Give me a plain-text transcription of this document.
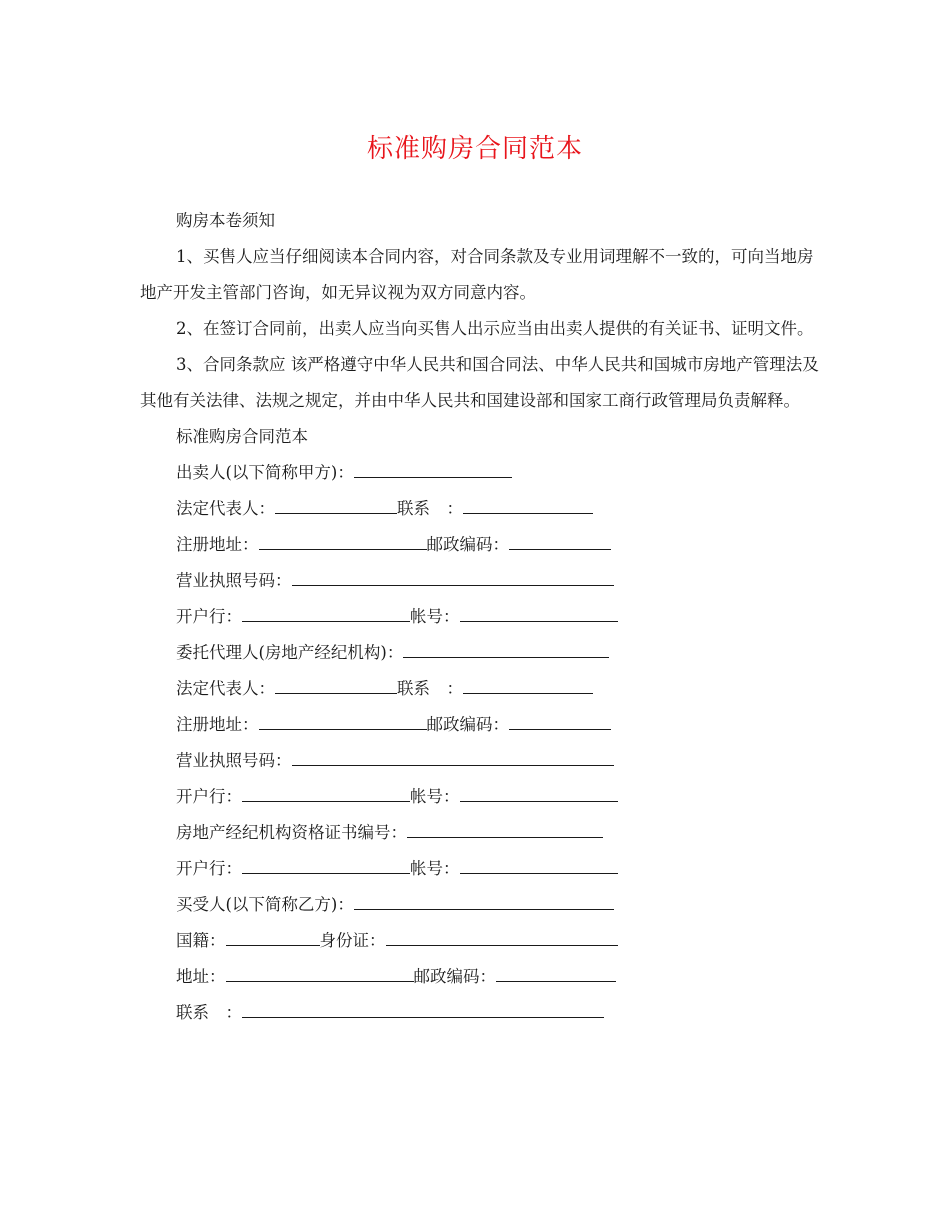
标准购房合同范本

购房本卷须知

1、买售人应当仔细阅读本合同内容，对合同条款及专业用词理解不一致的，可向当地房地产开发主管部门咨询，如无异议视为双方同意内容。

2、在签订合同前，出卖人应当向买售人出示应当由出卖人提供的有关证书、证明文件。

3、合同条款应 该严格遵守中华人民共和国合同法、中华人民共和国城市房地产管理法及其他有关法律、法规之规定，并由中华人民共和国建设部和国家工商行政管理局负责解释。

标准购房合同范本

出卖人(以下简称甲方)：
法定代表人：	联系　：
注册地址：	邮政编码：
营业执照号码：
开户行：	帐号：
委托代理人(房地产经纪机构)：
法定代表人：	联系　：
注册地址：	邮政编码：
营业执照号码：
开户行：	帐号：
房地产经纪机构资格证书编号：
开户行：	帐号：
买受人(以下简称乙方)：
国籍：	身份证：
地址：	邮政编码：
联系　：
